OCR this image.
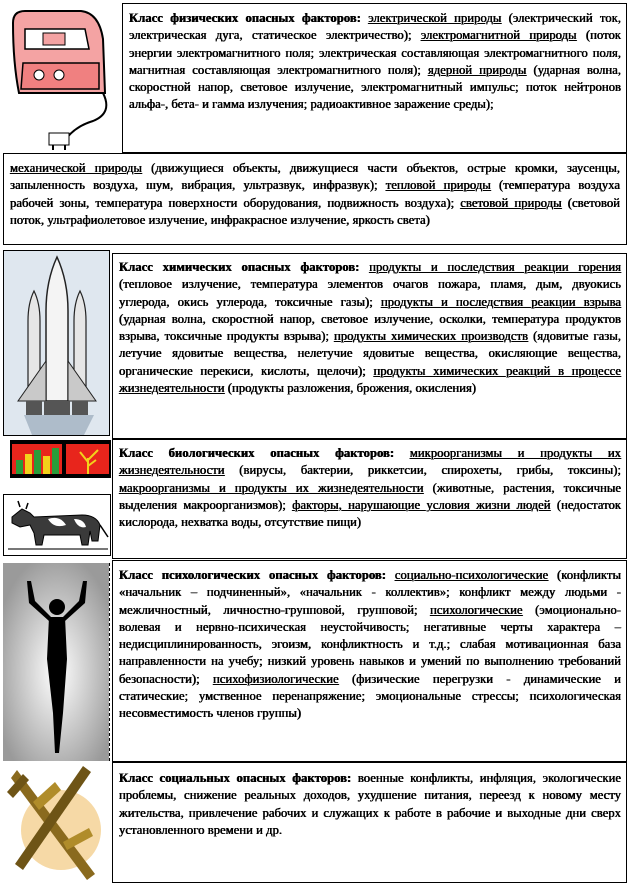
Класс физических опасных факторов: электрической природы (электрический ток, электрическая дуга, статическое электричество); электромагнитной природы (поток энергии электромагнитного поля; электрическая составляющая электромагнитного поля, магнитная составляющая электромагнитного поля); ядерной природы (ударная волна, скоростной напор, световое излучение, электромагнитный импульс; поток нейтронов альфа-, бета- и гамма излучения; радиоактивное заражение среды);
механической природы (движущиеся объекты, движущиеся части объектов, острые кромки, заусенцы, запыленность воздуха, шум, вибрация, ультразвук, инфразвук); тепловой природы (температура воздуха рабочей зоны, температура поверхности оборудования, подвижность воздуха); световой природы (световой поток, ультрафиолетовое излучение, инфракрасное излучение, яркость света)
Класс химических опасных факторов: продукты и последствия реакции горения (тепловое излучение, температура элементов очагов пожара, пламя, дым, двуокись углерода, окись углерода, токсичные газы); продукты и последствия реакции взрыва (ударная волна, скоростной напор, световое излучение, осколки, температура продуктов взрыва, токсичные продукты взрыва); продукты химических производств (ядовитые газы, летучие ядовитые вещества, нелетучие ядовитые вещества, окисляющие вещества, органические перекиси, кислоты, щелочи); продукты химических реакций в процессе жизнедеятельности (продукты разложения, брожения, окисления)
Класс биологических опасных факторов: микроорганизмы и продукты их жизнедеятельности (вирусы, бактерии, риккетсии, спирохеты, грибы, токсины); макроорганизмы и продукты их жизнедеятельности (животные, растения, токсичные выделения макроорганизмов); факторы, нарушающие условия жизни людей (недостаток кислорода, нехватка воды, отсутствие пищи)
Класс психологических опасных факторов: социально-психологические (конфликты «начальник – подчиненный», «начальник - коллектив»; конфликт между людьми - межличностный, личностно-групповой, групповой; психологические (эмоционально-волевая и нервно-психическая неустойчивость; негативные черты характера – недисциплинированность, эгоизм, конфликтность и т.д.; слабая мотивационная база направленности на учебу; низкий уровень навыков и умений по выполнению требований безопасности); психофизиологические (физические перегрузки - динамические и статические; умственное перенапряжение; эмоциональные стрессы; психологическая несовместимость членов группы)
Класс социальных опасных факторов: военные конфликты, инфляция, экологические проблемы, снижение реальных доходов, ухудшение питания, переезд к новому месту жительства, привлечение рабочих и служащих к работе в рабочие и выходные дни сверх установленного времени и др.
